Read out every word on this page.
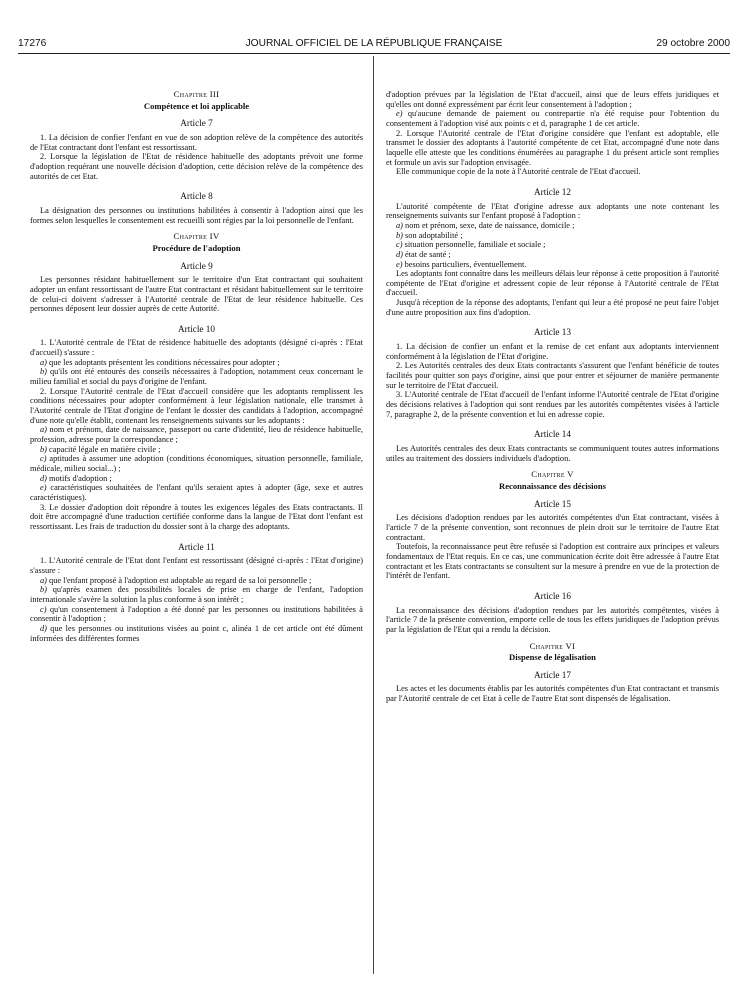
17276	JOURNAL OFFICIEL DE LA RÉPUBLIQUE FRANÇAISE	29 octobre 2000
Chapitre III
Compétence et loi applicable
Article 7

1. La décision de confier l'enfant en vue de son adoption relève de la compétence des autorités de l'Etat contractant dont l'enfant est ressortissant.

2. Lorsque la législation de l'Etat de résidence habituelle des adoptants prévoit une forme d'adoption requérant une nouvelle décision d'adoption, cette décision relève de la compétence des autorités de cet Etat.

Article 8

La désignation des personnes ou institutions habilitées à consentir à l'adoption ainsi que les formes selon lesquelles le consentement est recueilli sont régies par la loi personnelle de l'enfant.

Chapitre IV
Procédure de l'adoption
Article 9

Les personnes résidant habituellement sur le territoire d'un Etat contractant qui souhaitent adopter un enfant ressortissant de l'autre Etat contractant et résidant habituellement sur le territoire de celui-ci doivent s'adresser à l'Autorité centrale de l'Etat de leur résidence habituelle. Ces personnes déposent leur dossier auprès de cette Autorité.

Article 10

1. L'Autorité centrale de l'Etat de résidence habituelle des adoptants (désigné ci-après : l'Etat d'accueil) s'assure :

a) que les adoptants présentent les conditions nécessaires pour adopter ;

b) qu'ils ont été entourés des conseils nécessaires à l'adoption, notamment ceux concernant le milieu familial et social du pays d'origine de l'enfant.

2. Lorsque l'Autorité centrale de l'Etat d'accueil considère que les adoptants remplissent les conditions nécessaires pour adopter conformément à leur législation nationale, elle transmet à l'Autorité centrale de l'Etat d'origine de l'enfant le dossier des candidats à l'adoption, accompagné d'une note qu'elle établit, contenant les renseignements suivants sur les adoptants :

a) nom et prénom, date de naissance, passeport ou carte d'identité, lieu de résidence habituelle, profession, adresse pour la correspondance ;

b) capacité légale en matière civile ;

c) aptitudes à assumer une adoption (conditions économiques, situation personnelle, familiale, médicale, milieu social...) ;

d) motifs d'adoption ;

e) caractéristiques souhaitées de l'enfant qu'ils seraient aptes à adopter (âge, sexe et autres caractéristiques).

3. Le dossier d'adoption doit répondre à toutes les exigences légales des Etats contractants. Il doit être accompagné d'une traduction certifiée conforme dans la langue de l'Etat dont l'enfant est ressortissant. Les frais de traduction du dossier sont à la charge des adoptants.

Article 11

1. L'Autorité centrale de l'Etat dont l'enfant est ressortissant (désigné ci-après : l'Etat d'origine) s'assure :

a) que l'enfant proposé à l'adoption est adoptable au regard de sa loi personnelle ;

b) qu'après examen des possibilités locales de prise en charge de l'enfant, l'adoption internationale s'avère la solution la plus conforme à son intérêt ;

c) qu'un consentement à l'adoption a été donné par les personnes ou institutions habilitées à consentir à l'adoption ;

d) que les personnes ou institutions visées au point c, alinéa 1 de cet article ont été dûment informées des différentes formes

d'adoption prévues par la législation de l'Etat d'accueil, ainsi que de leurs effets juridiques et qu'elles ont donné expressément par écrit leur consentement à l'adoption ;

e) qu'aucune demande de paiement ou contrepartie n'a été requise pour l'obtention du consentement à l'adoption visé aux points c et d, paragraphe 1 de cet article.

2. Lorsque l'Autorité centrale de l'Etat d'origine considère que l'enfant est adoptable, elle transmet le dossier des adoptants à l'autorité compétente de cet Etat, accompagné d'une note dans laquelle elle atteste que les conditions énumérées au paragraphe 1 du présent article sont remplies et formule un avis sur l'adoption envisagée.

Elle communique copie de la note à l'Autorité centrale de l'Etat d'accueil.

Article 12

L'autorité compétente de l'Etat d'origine adresse aux adoptants une note contenant les renseignements suivants sur l'enfant proposé à l'adoption :

a) nom et prénom, sexe, date de naissance, domicile ;

b) son adoptabilité ;

c) situation personnelle, familiale et sociale ;

d) état de santé ;

e) besoins particuliers, éventuellement.

Les adoptants font connaître dans les meilleurs délais leur réponse à cette proposition à l'autorité compétente de l'Etat d'origine et adressent copie de leur réponse à l'Autorité centrale de l'Etat d'accueil.

Jusqu'à réception de la réponse des adoptants, l'enfant qui leur a été proposé ne peut faire l'objet d'une autre proposition aux fins d'adoption.

Article 13

1. La décision de confier un enfant et la remise de cet enfant aux adoptants interviennent conformément à la législation de l'Etat d'origine.

2. Les Autorités centrales des deux Etats contractants s'assurent que l'enfant bénéficie de toutes facilités pour quitter son pays d'origine, ainsi que pour entrer et séjourner de manière permanente sur le territoire de l'Etat d'accueil.

3. L'Autorité centrale de l'Etat d'accueil de l'enfant informe l'Autorité centrale de l'Etat d'origine des décisions relatives à l'adoption qui sont rendues par les autorités compétentes visées à l'article 7, paragraphe 2, de la présente convention et lui en adresse copie.

Article 14

Les Autorités centrales des deux Etats contractants se communiquent toutes autres informations utiles au traitement des dossiers individuels d'adoption.

Chapitre V
Reconnaissance des décisions
Article 15

Les décisions d'adoption rendues par les autorités compétentes d'un Etat contractant, visées à l'article 7 de la présente convention, sont reconnues de plein droit sur le territoire de l'autre Etat contractant.

Toutefois, la reconnaissance peut être refusée si l'adoption est contraire aux principes et valeurs fondamentaux de l'Etat requis. En ce cas, une communication écrite doit être adressée à l'autre Etat contractant et les Etats contractants se consultent sur la mesure à prendre en vue de la protection de l'intérêt de l'enfant.

Article 16

La reconnaissance des décisions d'adoption rendues par les autorités compétentes, visées à l'article 7 de la présente convention, emporte celle de tous les effets juridiques de l'adoption prévus par la législation de l'Etat qui a rendu la décision.

Chapitre VI
Dispense de légalisation
Article 17

Les actes et les documents établis par les autorités compétentes d'un Etat contractant et transmis par l'Autorité centrale de cet Etat à celle de l'autre Etat sont dispensés de légalisation.
